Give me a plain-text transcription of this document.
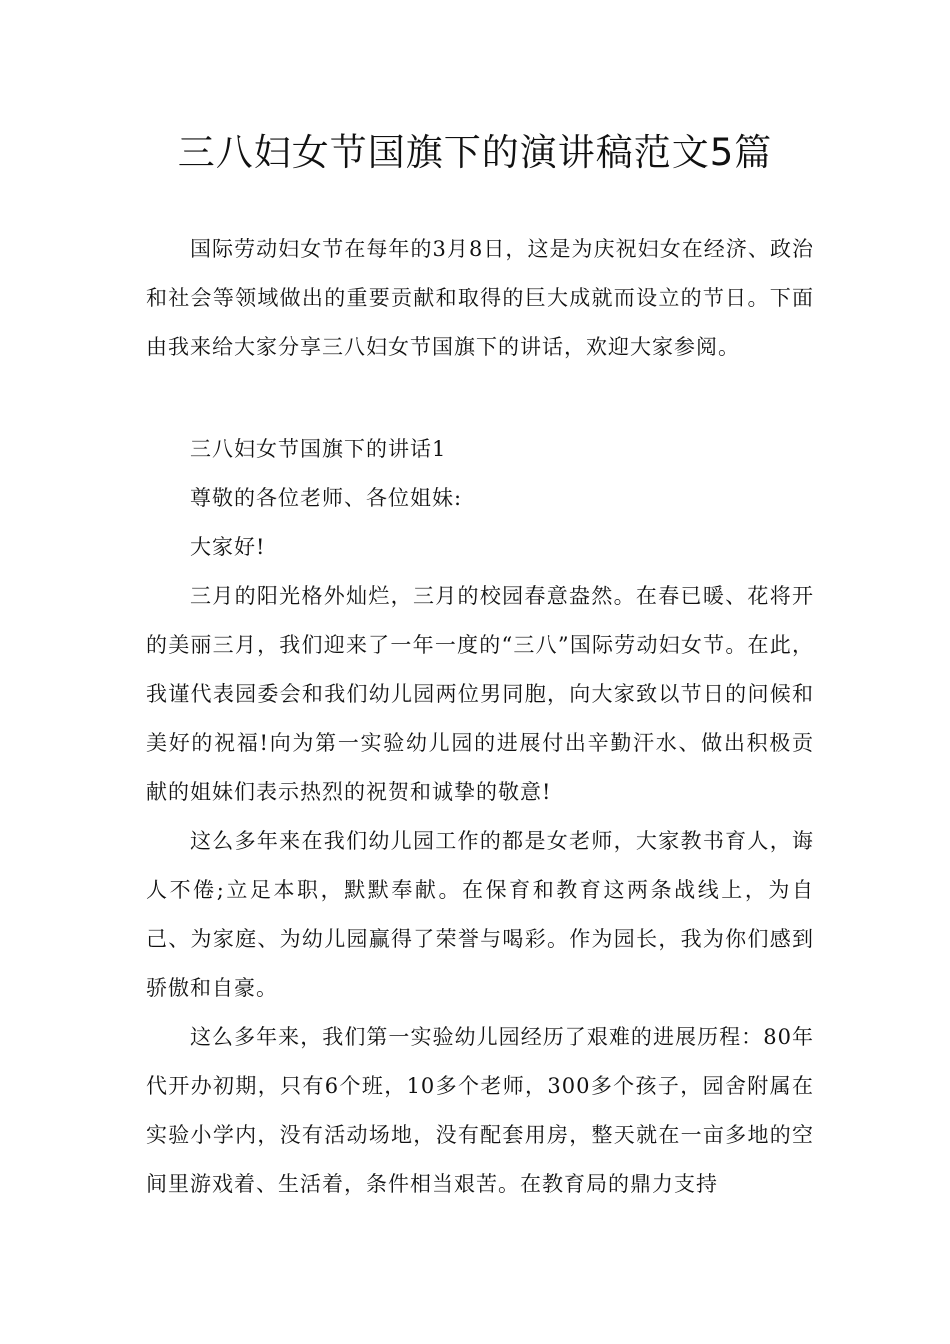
三八妇女节国旗下的演讲稿范文5篇

国际劳动妇女节在每年的3月8日，这是为庆祝妇女在经济、政治和社会等领域做出的重要贡献和取得的巨大成就而设立的节日。下面由我来给大家分享三八妇女节国旗下的讲话，欢迎大家参阅。

三八妇女节国旗下的讲话1

尊敬的各位老师、各位姐妹:

大家好!

三月的阳光格外灿烂，三月的校园春意盎然。在春已暖、花将开的美丽三月，我们迎来了一年一度的“三八”国际劳动妇女节。在此，我谨代表园委会和我们幼儿园两位男同胞，向大家致以节日的问候和美好的祝福!向为第一实验幼儿园的进展付出辛勤汗水、做出积极贡献的姐妹们表示热烈的祝贺和诚挚的敬意!

这么多年来在我们幼儿园工作的都是女老师，大家教书育人，诲人不倦;立足本职，默默奉献。在保育和教育这两条战线上，为自己、为家庭、为幼儿园赢得了荣誉与喝彩。作为园长，我为你们感到骄傲和自豪。

这么多年来，我们第一实验幼儿园经历了艰难的进展历程：80年代开办初期，只有6个班，10多个老师，300多个孩子，园舍附属在实验小学内，没有活动场地，没有配套用房，整天就在一亩多地的空间里游戏着、生活着，条件相当艰苦。在教育局的鼎力支持
